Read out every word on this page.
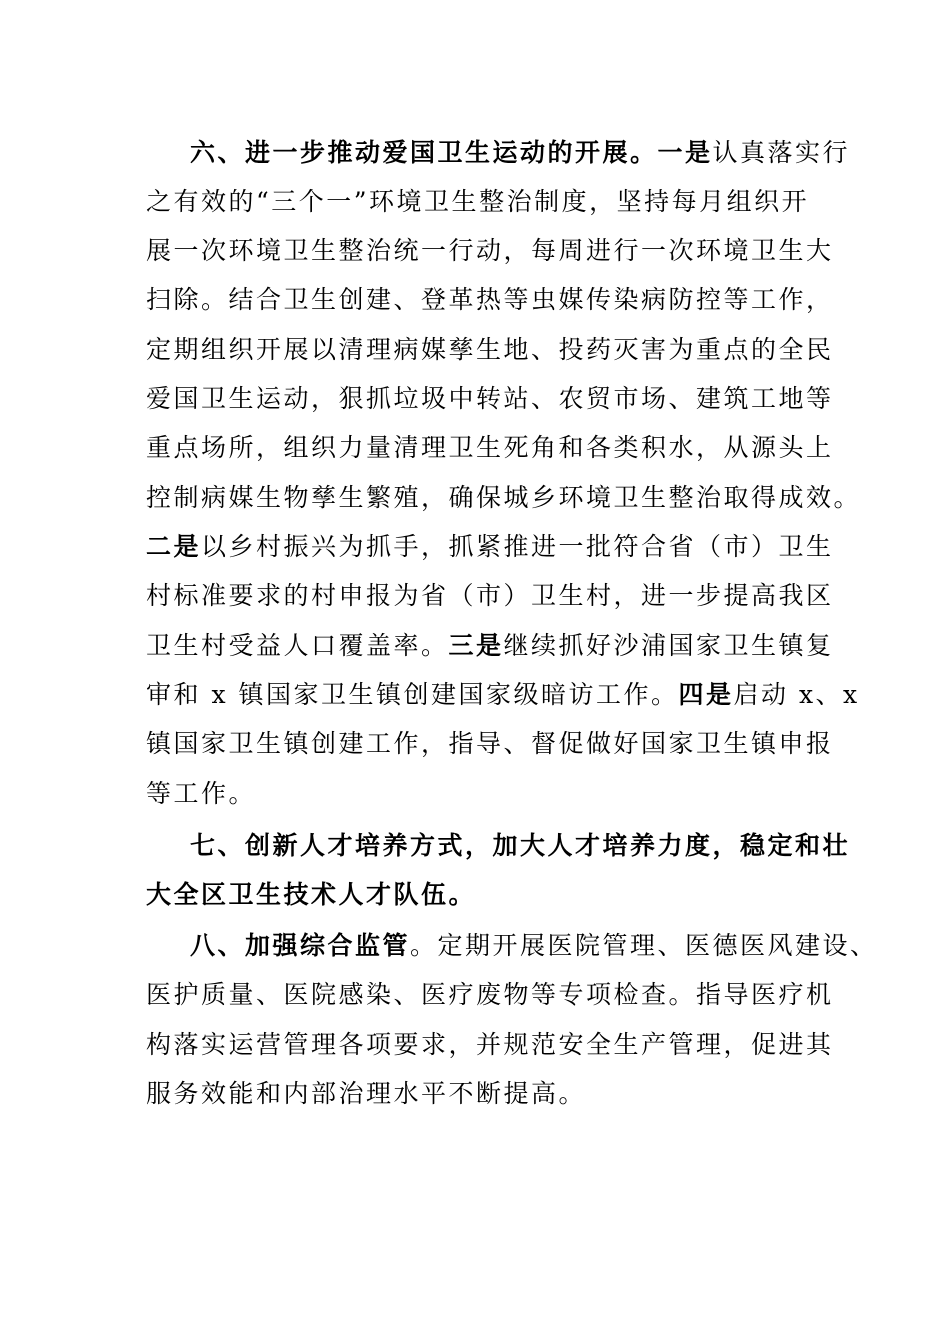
六、进一步推动爱国卫生运动的开展。一是认真落实行
之有效的“三个一”环境卫生整治制度，坚持每月组织开
展一次环境卫生整治统一行动，每周进行一次环境卫生大
扫除。结合卫生创建、登革热等虫媒传染病防控等工作，
定期组织开展以清理病媒孳生地、投药灭害为重点的全民
爱国卫生运动，狠抓垃圾中转站、农贸市场、建筑工地等
重点场所，组织力量清理卫生死角和各类积水，从源头上
控制病媒生物孳生繁殖，确保城乡环境卫生整治取得成效。
二是以乡村振兴为抓手，抓紧推进一批符合省（市）卫生
村标准要求的村申报为省（市）卫生村，进一步提高我区
卫生村受益人口覆盖率。三是继续抓好沙浦国家卫生镇复
审和 x 镇国家卫生镇创建国家级暗访工作。四是启动 x、x
镇国家卫生镇创建工作，指导、督促做好国家卫生镇申报
等工作。
七、创新人才培养方式，加大人才培养力度，稳定和壮
大全区卫生技术人才队伍。
八、加强综合监管。定期开展医院管理、医德医风建设、
医护质量、医院感染、医疗废物等专项检查。指导医疗机
构落实运营管理各项要求，并规范安全生产管理，促进其
服务效能和内部治理水平不断提高。
